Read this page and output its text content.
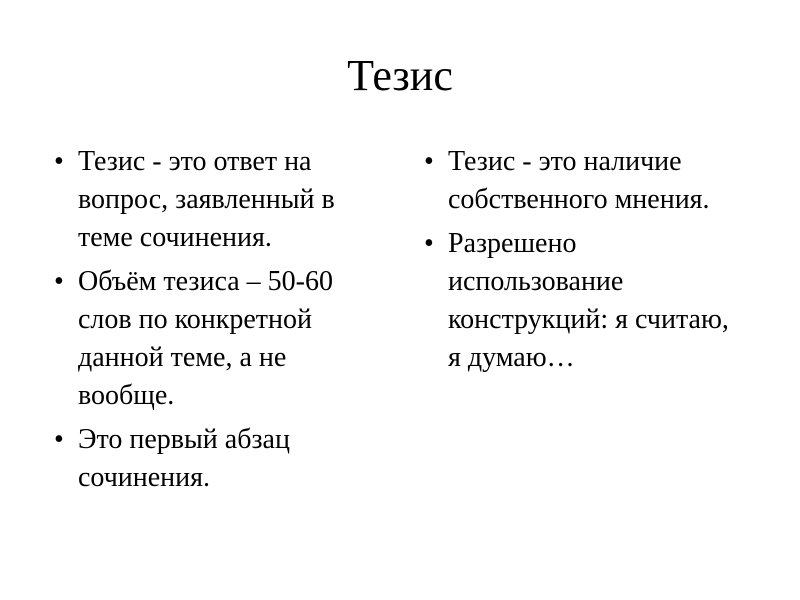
Тезис
• Тезис - это ответ на вопрос, заявленный в теме сочинения.
• Объём тезиса – 50-60 слов по конкретной данной теме, а не вообще.
• Это первый абзац сочинения.
• Тезис - это наличие собственного мнения.
• Разрешено использование конструкций: я считаю, я думаю…
